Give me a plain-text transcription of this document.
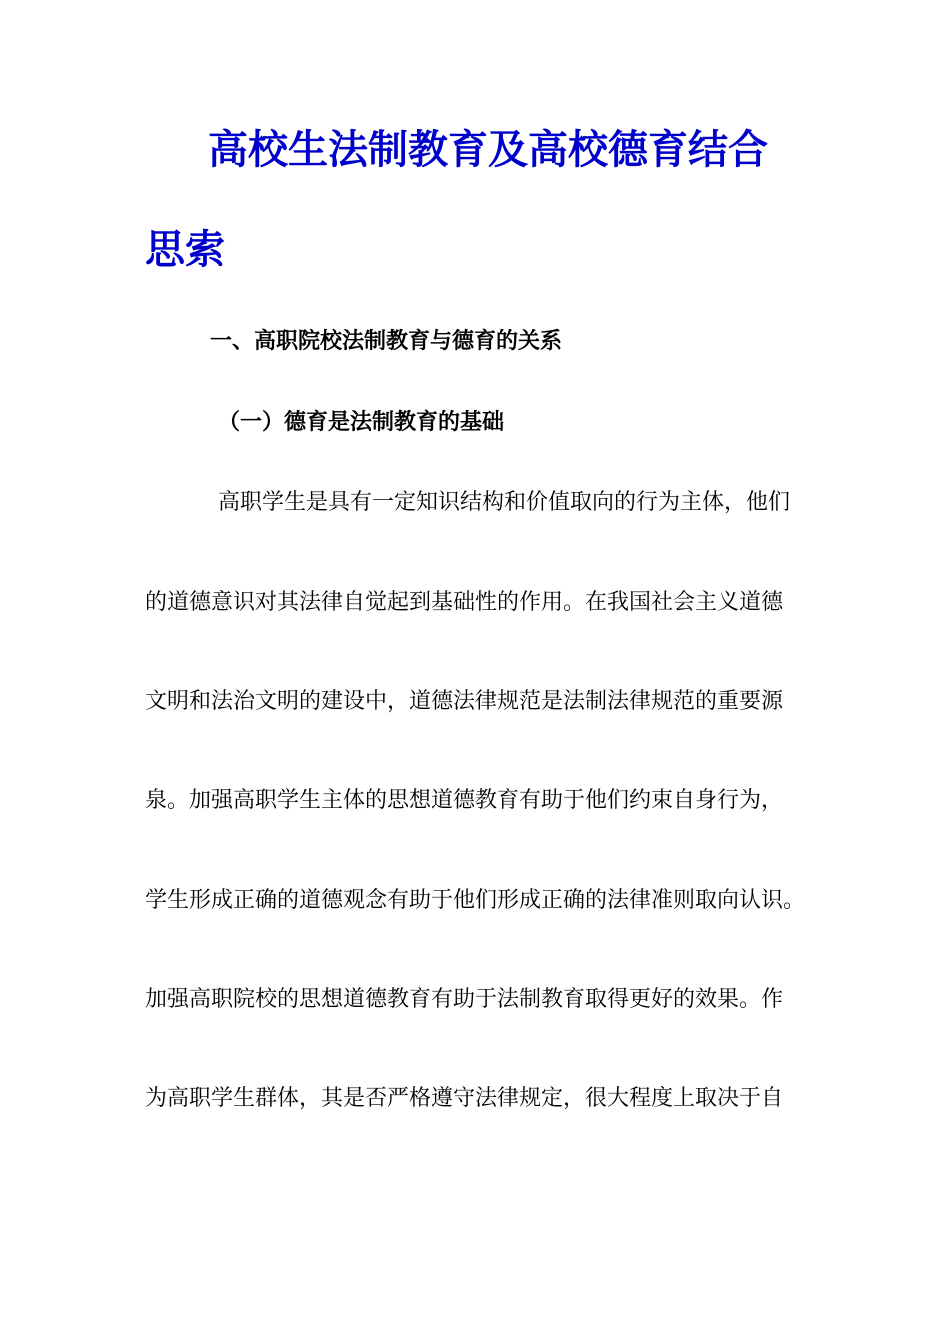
高校生法制教育及高校德育结合
思索
一、高职院校法制教育与德育的关系
（一）德育是法制教育的基础

高职学生是具有一定知识结构和价值取向的行为主体，他们

的道德意识对其法律自觉起到基础性的作用。在我国社会主义道德

文明和法治文明的建设中，道德法律规范是法制法律规范的重要源

泉。加强高职学生主体的思想道德教育有助于他们约束自身行为，

学生形成正确的道德观念有助于他们形成正确的法律准则取向认识。

加强高职院校的思想道德教育有助于法制教育取得更好的效果。作

为高职学生群体，其是否严格遵守法律规定，很大程度上取决于自
